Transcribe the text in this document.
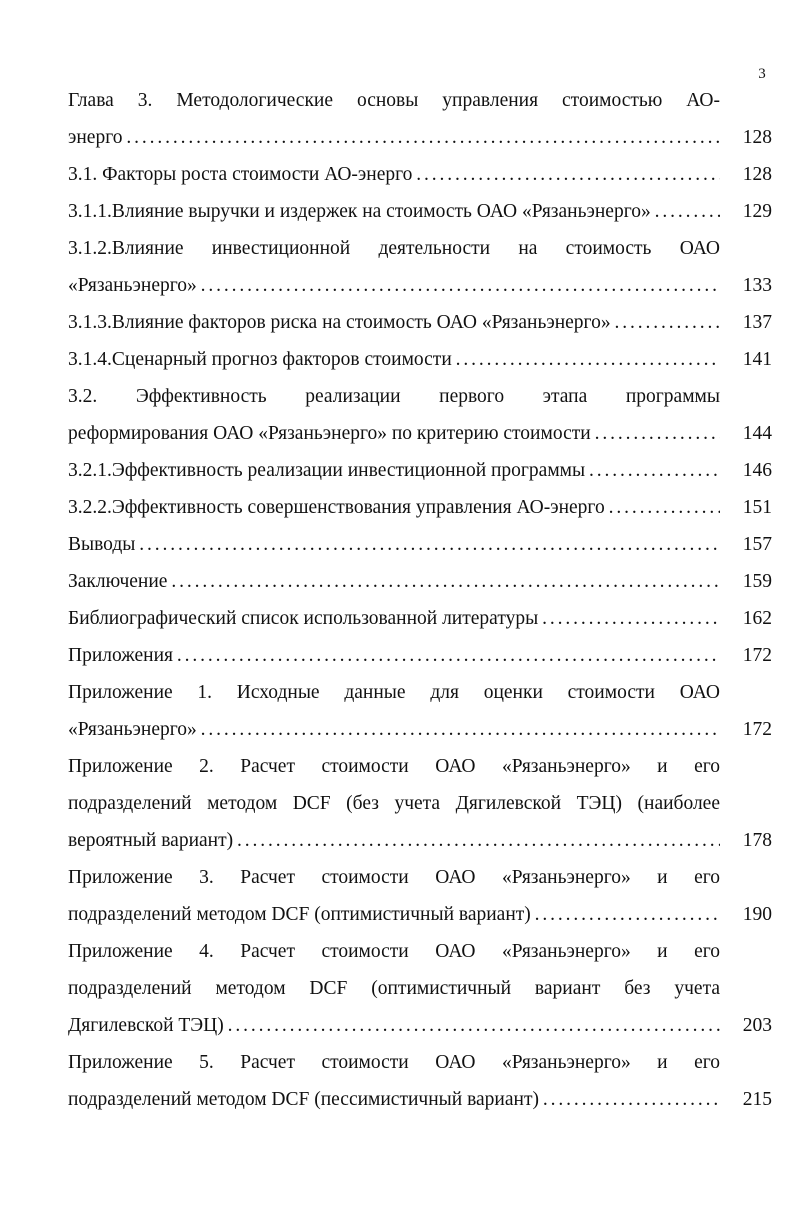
3
Глава 3. Методологические основы управления стоимостью АО-
энерго . . .	128
3.1. Факторы роста стоимости АО-энерго . . .	128
3.1.1.Влияние выручки и издержек на стоимость ОАО «Рязаньэнерго» . . .	129
3.1.2.Влияние инвестиционной деятельности на стоимость ОАО
«Рязаньэнерго» . . .	133
3.1.3.Влияние факторов риска на стоимость ОАО «Рязаньэнерго» . . .	137
3.1.4.Сценарный прогноз факторов стоимости . . .	141
3.2. Эффективность реализации первого этапа программы
реформирования ОАО «Рязаньэнерго» по критерию стоимости . . .	144
3.2.1.Эффективность реализации инвестиционной программы . . .	146
3.2.2.Эффективность совершенствования управления АО-энерго . . .	151
Выводы . . .	157
Заключение . . .	159
Библиографический список использованной литературы . . .	162
Приложения . . .	172
Приложение 1. Исходные данные для оценки стоимости ОАО
«Рязаньэнерго» . . .	172
Приложение 2. Расчет стоимости ОАО «Рязаньэнерго» и его
подразделений методом DCF (без учета Дягилевской ТЭЦ) (наиболее
вероятный вариант) . . .	178
Приложение 3. Расчет стоимости ОАО «Рязаньэнерго» и его
подразделений методом DCF (оптимистичный вариант) . . .	190
Приложение 4. Расчет стоимости ОАО «Рязаньэнерго» и его
подразделений методом DCF (оптимистичный вариант без учета
Дягилевской ТЭЦ) . . .	203
Приложение 5. Расчет стоимости ОАО «Рязаньэнерго» и его
подразделений методом DCF (пессимистичный вариант) . . .	215
